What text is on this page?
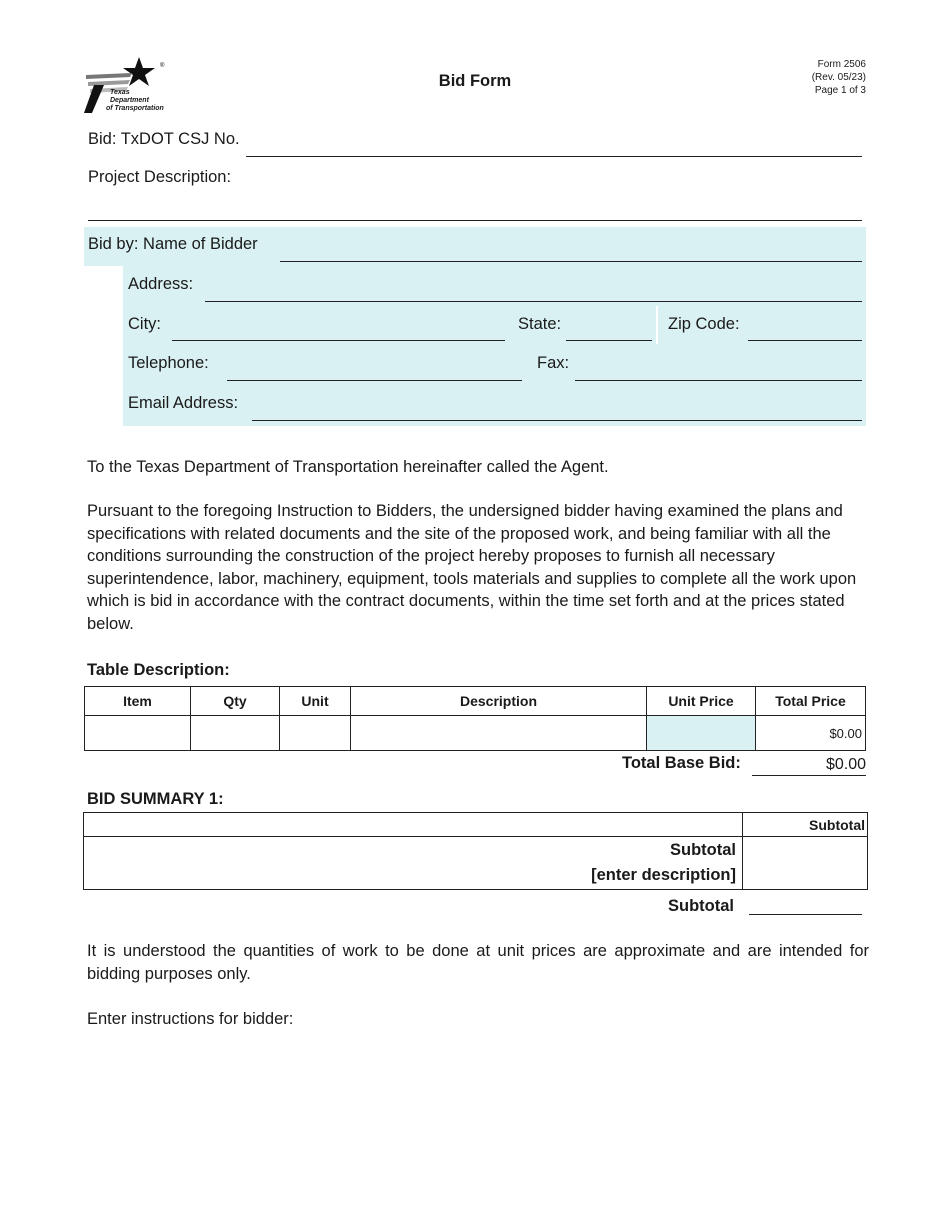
®
Texas
Department
of Transportation
Bid Form
Form 2506
(Rev. 05/23)
Page 1 of 3
Bid: TxDOT CSJ No.
Project Description:
Bid by: Name of Bidder
Address:
City:	State:	Zip Code:
Telephone:	Fax:
Email Address:
To the Texas Department of Transportation hereinafter called the Agent.
Pursuant to the foregoing Instruction to Bidders, the undersigned bidder having examined the plans and specifications with related documents and the site of the proposed work, and being familiar with all the conditions surrounding the construction of the project hereby proposes to furnish all necessary superintendence, labor, machinery, equipment, tools materials and supplies to complete all the work upon which is bid in accordance with the contract documents, within the time set forth and at the prices stated below.
Table Description:
Item	Qty	Unit	Description	Unit Price	Total Price
					$0.00
Total Base Bid:	$0.00
BID SUMMARY 1:
	Subtotal

Subtotal
[enter description]	

Subtotal
It is understood the quantities of work to be done at unit prices are approximate and are intended for bidding purposes only.
Enter instructions for bidder:
